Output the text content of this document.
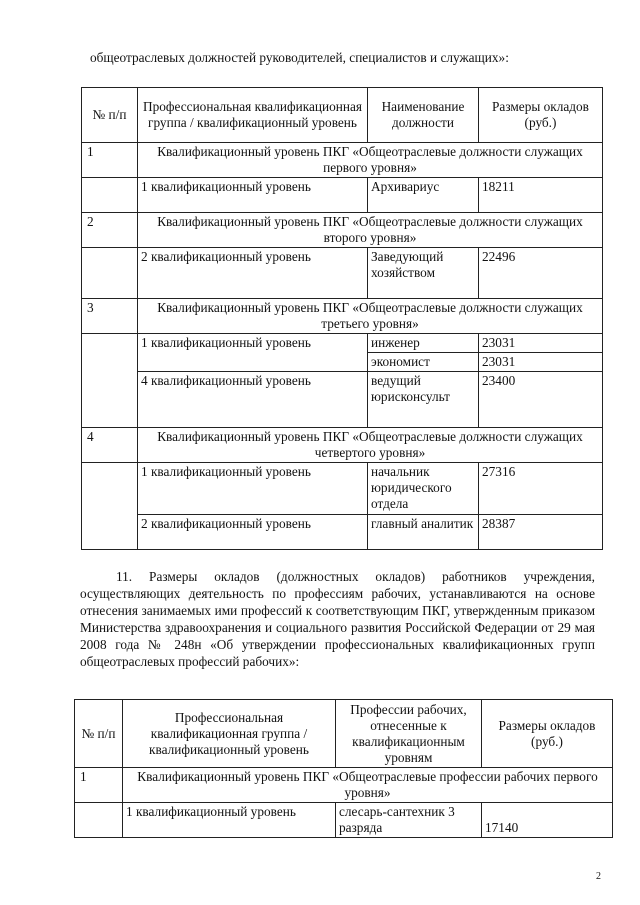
общеотраслевых должностей руководителей, специалистов и служащих»:
№ п/п	Профессиональная квалификационная группа / квалификационный уровень	Наименование должности	Размеры окладов (руб.)
1	Квалификационный уровень ПКГ «Общеотраслевые должности служащих первого уровня»		
	1 квалификационный уровень	Архивариус	18211
2	Квалификационный уровень ПКГ «Общеотраслевые должности служащих второго уровня»		
	2 квалификационный уровень	Заведующий хозяйством	22496
3	Квалификационный уровень ПКГ «Общеотраслевые должности служащих третьего уровня»		
	1 квалификационный уровень	инженер	23031
		экономист	23031
	4 квалификационный уровень	ведущий юрисконсульт	23400
4	Квалификационный уровень ПКГ «Общеотраслевые должности служащих четвертого уровня»		
	1 квалификационный уровень	начальник юридического отдела	27316
	2 квалификационный уровень	главный аналитик	28387
11. Размеры окладов (должностных окладов) работников учреждения, осуществляющих деятельность по профессиям рабочих, устанавливаются на основе отнесения занимаемых ими профессий к соответствующим ПКГ, утвержденным приказом Министерства здравоохранения и социального развития Российской Федерации от 29 мая 2008 года № 248н «Об утверждении профессиональных квалификационных групп общеотраслевых профессий рабочих»:
№ п/п	Профессиональная квалификационная группа / квалификационный уровень	Профессии рабочих, отнесенные к квалификационным уровням	Размеры окладов (руб.)
1	Квалификационный уровень ПКГ «Общеотраслевые профессии рабочих первого уровня»		
	1 квалификационный уровень	слесарь-сантехник 3 разряда	17140
2
